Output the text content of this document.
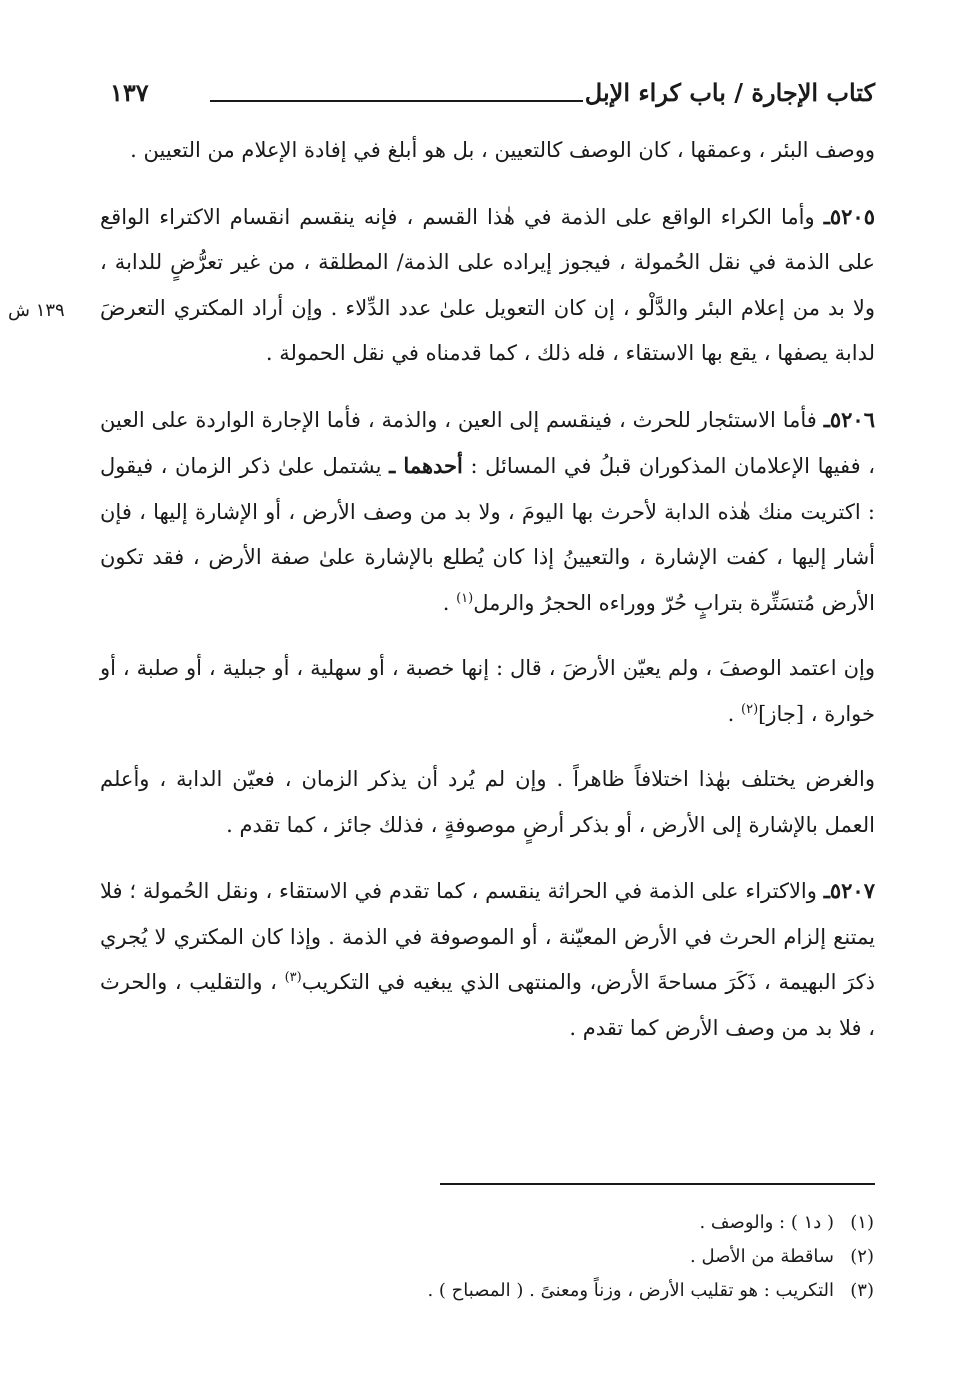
كتاب الإجارة / باب كراء الإبل
١٣٧
١٣٩ ش

ووصف البئر ، وعمقها ، كان الوصف كالتعيين ، بل هو أبلغ في إفادة الإعلام من التعيين .

٥٢٠٥ـ وأما الكراء الواقع على الذمة في هٰذا القسم ، فإنه ينقسم انقسام الاكتراء الواقع على الذمة في نقل الحُمولة ، فيجوز إيراده على الذمة/ المطلقة ، من غير تعرُّضٍ للدابة ، ولا بد من إعلام البئر والدَّلْو ، إن كان التعويل علىٰ عدد الدِّلاء . وإن أراد المكتري التعرضَ لدابة يصفها ، يقع بها الاستقاء ، فله ذلك ، كما قدمناه في نقل الحمولة .

٥٢٠٦ـ فأما الاستئجار للحرث ، فينقسم إلى العين ، والذمة ، فأما الإجارة الواردة على العين ، ففيها الإعلامان المذكوران قبلُ في المسائل : أحدهما ـ يشتمل علىٰ ذكر الزمان ، فيقول : اكتريت منك هٰذه الدابة لأحرث بها اليومَ ، ولا بد من وصف الأرض ، أو الإشارة إليها ، فإن أشار إليها ، كفت الإشارة ، والتعيينُ إذا كان يُطلع بالإشارة علىٰ صفة الأرض ، فقد تكون الأرض مُتسَتِّرة بترابٍ حُرّ ووراءه الحجرُ والرمل$^{(١)}$ .

وإن اعتمد الوصفَ ، ولم يعيّن الأرضَ ، قال : إنها خصبة ، أو سهلية ، أو جبلية ، أو صلبة ، أو خوارة ، [جاز]$^{(٢)}$ .

والغرض يختلف بهٰذا اختلافاً ظاهراً . وإن لم يُرد أن يذكر الزمان ، فعيّن الدابة ، وأعلم العمل بالإشارة إلى الأرض ، أو بذكر أرضٍ موصوفةٍ ، فذلك جائز ، كما تقدم .

٥٢٠٧ـ والاكتراء على الذمة في الحراثة ينقسم ، كما تقدم في الاستقاء ، ونقل الحُمولة ؛ فلا يمتنع إلزام الحرث في الأرض المعيّنة ، أو الموصوفة في الذمة . وإذا كان المكتري لا يُجري ذكرَ البهيمة ، ذَكَرَ مساحةَ الأرض، والمنتهى الذي يبغيه في التكريب$^{(٣)}$ ، والتقليب ، والحرث ، فلا بد من وصف الأرض كما تقدم .

(١)( د١ ) : والوصف .
(٢)ساقطة من الأصل .
(٣)التكريب : هو تقليب الأرض ، وزناً ومعنىً . ( المصباح ) .
